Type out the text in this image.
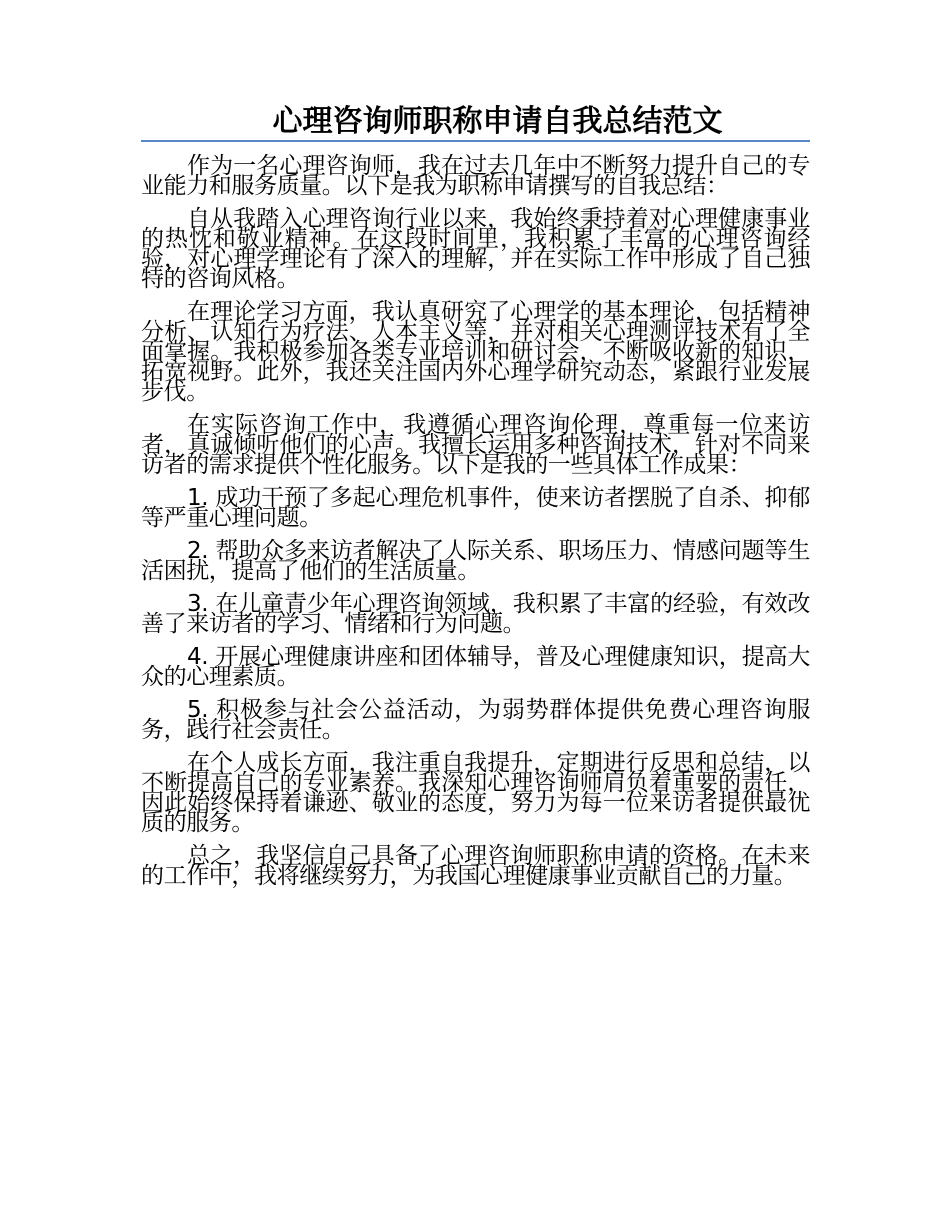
心理咨询师职称申请自我总结范文

作为一名心理咨询师，我在过去几年中不断努力提升自己的专业能力和服务质量。以下是我为职称申请撰写的自我总结：

自从我踏入心理咨询行业以来，我始终秉持着对心理健康事业的热忱和敬业精神。在这段时间里，我积累了丰富的心理咨询经验，对心理学理论有了深入的理解，并在实际工作中形成了自己独特的咨询风格。

在理论学习方面，我认真研究了心理学的基本理论，包括精神分析、认知行为疗法、人本主义等，并对相关心理测评技术有了全面掌握。我积极参加各类专业培训和研讨会，不断吸收新的知识，拓宽视野。此外，我还关注国内外心理学研究动态，紧跟行业发展步伐。

在实际咨询工作中，我遵循心理咨询伦理，尊重每一位来访者，真诚倾听他们的心声。我擅长运用多种咨询技术，针对不同来访者的需求提供个性化服务。以下是我的一些具体工作成果：

1. 成功干预了多起心理危机事件，使来访者摆脱了自杀、抑郁等严重心理问题。

2. 帮助众多来访者解决了人际关系、职场压力、情感问题等生活困扰，提高了他们的生活质量。

3. 在儿童青少年心理咨询领域，我积累了丰富的经验，有效改善了来访者的学习、情绪和行为问题。

4. 开展心理健康讲座和团体辅导，普及心理健康知识，提高大众的心理素质。

5. 积极参与社会公益活动，为弱势群体提供免费心理咨询服务，践行社会责任。

在个人成长方面，我注重自我提升，定期进行反思和总结，以不断提高自己的专业素养。我深知心理咨询师肩负着重要的责任，因此始终保持着谦逊、敬业的态度，努力为每一位来访者提供最优质的服务。

总之，我坚信自己具备了心理咨询师职称申请的资格。在未来的工作中，我将继续努力，为我国心理健康事业贡献自己的力量。
